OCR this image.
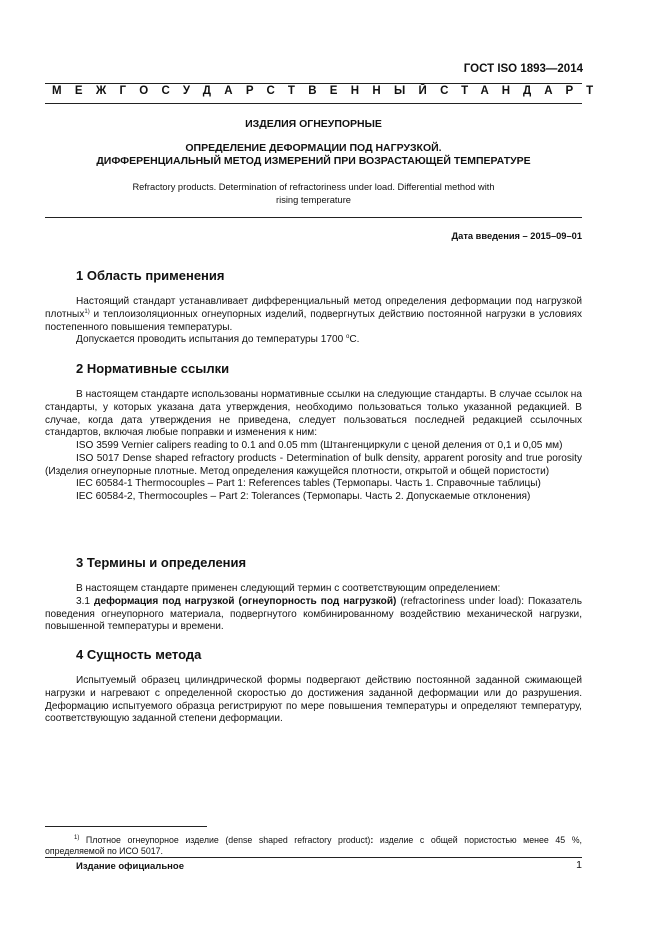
ГОСТ ISO 1893—2014
МЕЖГОСУДАРСТВЕННЫЙ СТАНДАРТ
ИЗДЕЛИЯ ОГНЕУПОРНЫЕ
ОПРЕДЕЛЕНИЕ ДЕФОРМАЦИИ ПОД НАГРУЗКОЙ.
ДИФФЕРЕНЦИАЛЬНЫЙ МЕТОД ИЗМЕРЕНИЙ ПРИ ВОЗРАСТАЮЩЕЙ ТЕМПЕРАТУРЕ
Refractory products. Determination of refractoriness under load. Differential method with
rising temperature
Дата введения – 2015–09–01
1 Область применения

Настоящий стандарт устанавливает дифференциальный метод определения деформации под нагрузкой плотных$^{1)}$ и теплоизоляционных огнеупорных изделий, подвергнутых действию постоянной нагрузки в условиях постепенного повышения температуры.

Допускается проводить испытания до температуры 1700 $^о$С.

2 Нормативные ссылки

В настоящем стандарте использованы нормативные ссылки на следующие стандарты. В случае ссылок на стандарты, у которых указана дата утверждения, необходимо пользоваться только указанной редакцией. В случае, когда дата утверждения не приведена, следует пользоваться последней редакцией ссылочных стандартов, включая любые поправки и изменения к ним:

ISO 3599 Vernier calipers reading to 0.1 and 0.05 mm (Штангенциркули с ценой деления от 0,1 и 0,05 мм)

ISO 5017 Dense shaped refractory products - Determination of bulk density, apparent porosity and true porosity (Изделия огнеупорные плотные. Метод определения кажущейся плотности, открытой и общей пористости)

IEC 60584-1 Thermocouples – Part 1: References tables (Термопары. Часть 1. Справочные таблицы)

IEC 60584-2, Thermocouples – Part 2: Tolerances (Термопары. Часть 2. Допускаемые отклонения)

3 Термины и определения

В настоящем стандарте применен следующий термин с соответствующим определением:

3.1 деформация под нагрузкой (огнеупорность под нагрузкой) (refractoriness under load): Показатель поведения огнеупорного материала, подвергнутого комбинированному воздействию механической нагрузки, повышенной температуры и времени.

4 Сущность метода

Испытуемый образец цилиндрической формы подвергают действию постоянной заданной сжимающей нагрузки и нагревают с определенной скоростью до достижения заданной деформации или до разрушения. Деформацию испытуемого образца регистрируют по мере повышения температуры и определяют температуру, соответствующую заданной степени деформации.

$^{1)}$ Плотное огнеупорное изделие (dense shaped refractory product): изделие с общей пористостью менее 45 %, определяемой по ИСО 5017.

Издание официальное	1
